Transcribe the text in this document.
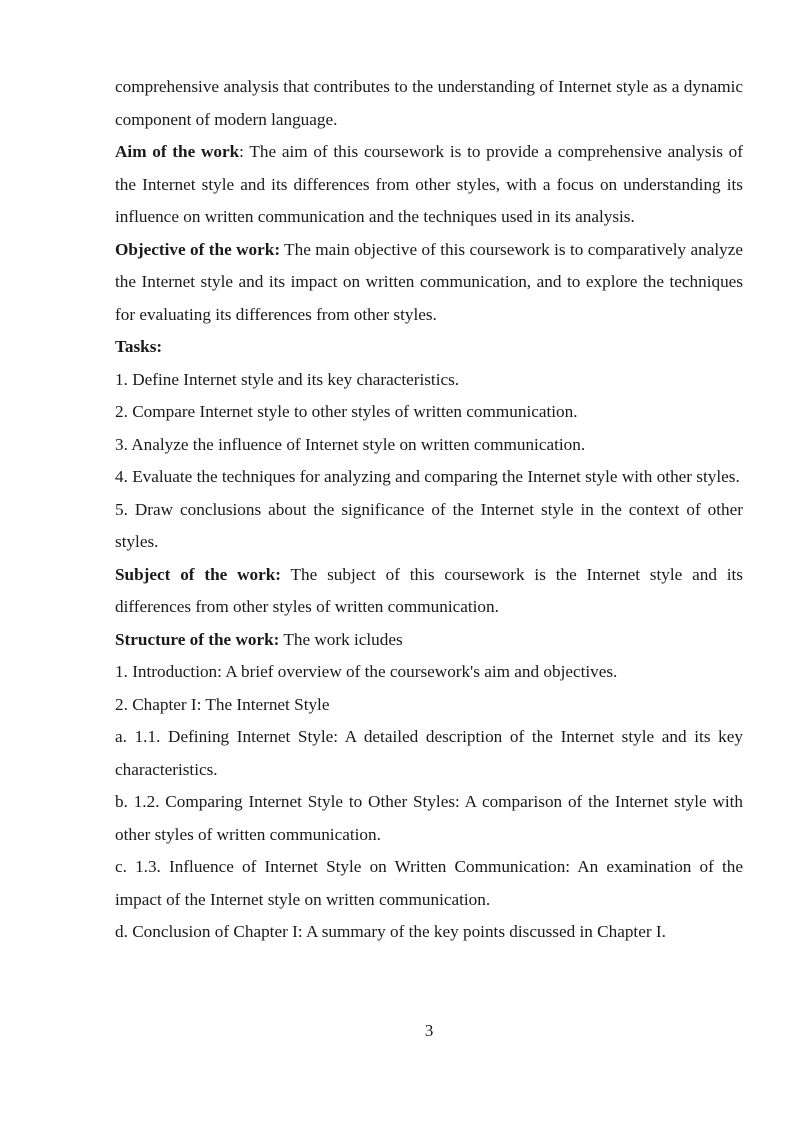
comprehensive analysis that contributes to the understanding of Internet style as a dynamic component of modern language.

Aim of the work: The aim of this coursework is to provide a comprehensive analysis of the Internet style and its differences from other styles, with a focus on understanding its influence on written communication and the techniques used in its analysis.

Objective of the work: The main objective of this coursework is to comparatively analyze the Internet style and its impact on written communication, and to explore the techniques for evaluating its differences from other styles.

Tasks:

1. Define Internet style and its key characteristics.

2. Compare Internet style to other styles of written communication.

3. Analyze the influence of Internet style on written communication.

4. Evaluate the techniques for analyzing and comparing the Internet style with other styles.

5. Draw conclusions about the significance of the Internet style in the context of other styles.

Subject of the work: The subject of this coursework is the Internet style and its differences from other styles of written communication.

Structure of the work: The work icludes

1. Introduction: A brief overview of the coursework's aim and objectives.

2. Chapter I: The Internet Style

a. 1.1. Defining Internet Style: A detailed description of the Internet style and its key characteristics.

b. 1.2. Comparing Internet Style to Other Styles: A comparison of the Internet style with other styles of written communication.

c. 1.3. Influence of Internet Style on Written Communication: An examination of the impact of the Internet style on written communication.

d. Conclusion of Chapter I: A summary of the key points discussed in Chapter I.

3
